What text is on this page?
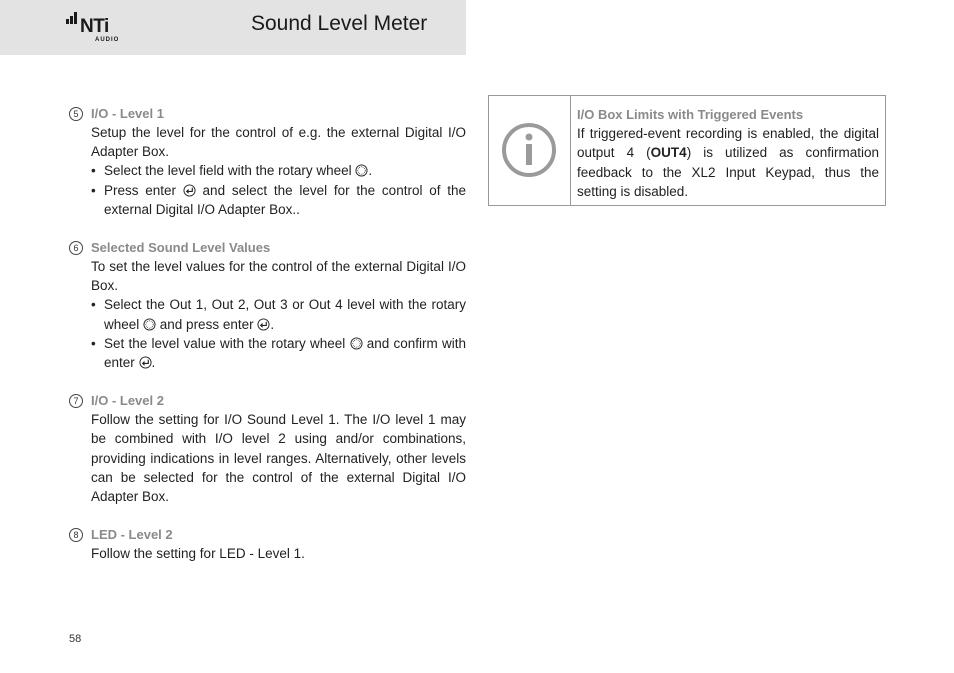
NTi
AUDIO
Sound Level Meter
5 I/O - Level 1
Setup the level for the control of e.g. the external Digital I/O Adapter Box.
• Select the level field with the rotary wheel .
• Press enter  and select the level for the control of the external Digital I/O Adapter Box..
6 Selected Sound Level Values
To set the level values for the control of the external Digital I/O Box.
• Select the Out 1, Out 2, Out 3 or Out 4 level with the rotary wheel  and press enter .
• Set the level value with the rotary wheel  and confirm with enter .
7 I/O - Level 2
Follow the setting for I/O Sound Level 1. The I/O level 1 may be combined with I/O level 2 using and/or combinations, providing indications in level ranges. Alternatively, other levels can be selected for the control of the external Digital I/O Adapter Box.
8 LED - Level 2
Follow the setting for LED - Level 1.
I/O Box Limits with Triggered Events
If triggered-event recording is enabled, the digital output 4 (OUT4) is utilized as confirmation feedback to the XL2 Input Keypad, thus the setting is disabled.
58
